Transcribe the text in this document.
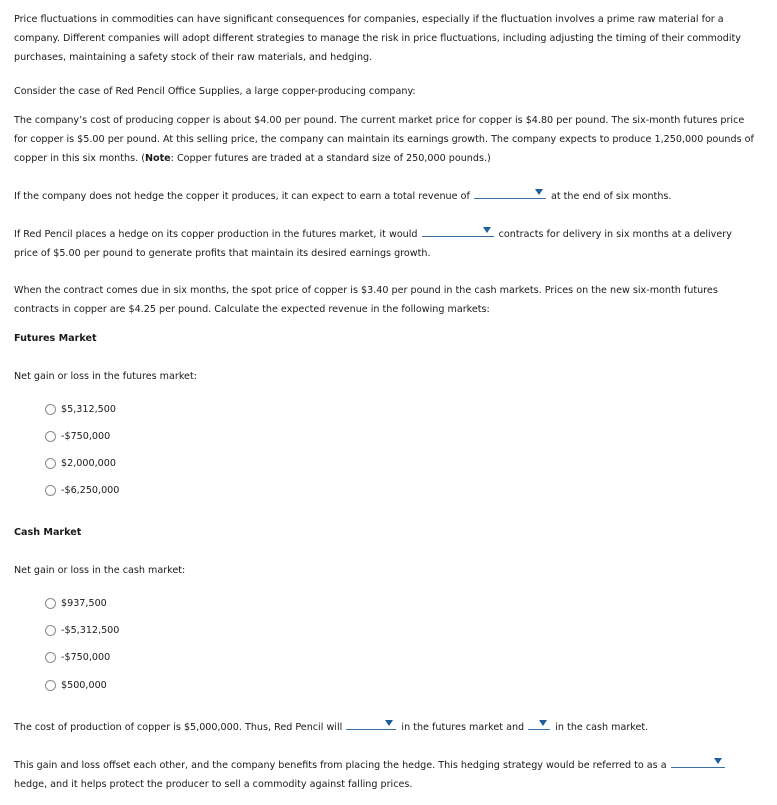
Price fluctuations in commodities can have significant consequences for companies, especially if the fluctuation involves a prime raw material for a company. Different companies will adopt different strategies to manage the risk in price fluctuations, including adjusting the timing of their commodity purchases, maintaining a safety stock of their raw materials, and hedging.

Consider the case of Red Pencil Office Supplies, a large copper-producing company:

The company’s cost of producing copper is about $4.00 per pound. The current market price for copper is $4.80 per pound. The six-month futures price for copper is $5.00 per pound. At this selling price, the company can maintain its earnings growth. The company expects to produce 1,250,000 pounds of copper in this six months. (Note: Copper futures are traded at a standard size of 250,000 pounds.)

If the company does not hedge the copper it produces, it can expect to earn a total revenue of	at the end of six months.

If Red Pencil places a hedge on its copper production in the futures market, it would	contracts for delivery in six months at a delivery price of $5.00 per pound to generate profits that maintain its desired earnings growth.

When the contract comes due in six months, the spot price of copper is $3.40 per pound in the cash markets. Prices on the new six-month futures contracts in copper are $4.25 per pound. Calculate the expected revenue in the following markets:

Futures Market

Net gain or loss in the futures market:

$5,312,500
-$750,000
$2,000,000
-$6,250,000

Cash Market

Net gain or loss in the cash market:

$937,500
-$5,312,500
-$750,000
$500,000

The cost of production of copper is $5,000,000. Thus, Red Pencil will	in the futures market and	in the cash market.

This gain and loss offset each other, and the company benefits from placing the hedge. This hedging strategy would be referred to as a
hedge, and it helps protect the producer to sell a commodity against falling prices.
